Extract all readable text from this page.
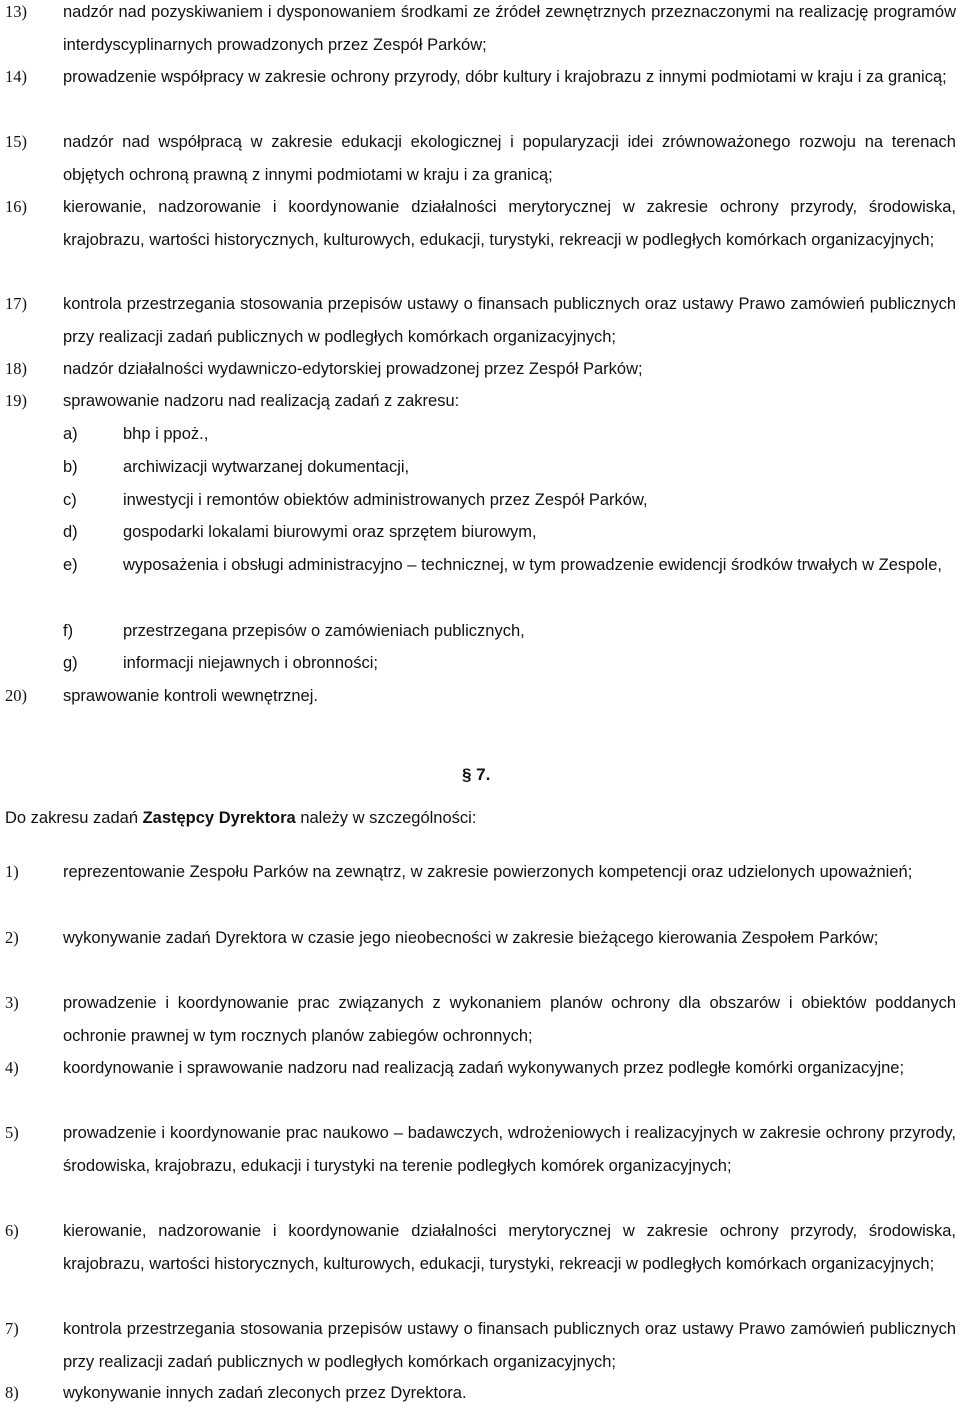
13) nadzór nad pozyskiwaniem i dysponowaniem środkami ze źródeł zewnętrznych przeznaczonymi na realizację programów interdyscyplinarnych prowadzonych przez Zespół Parków;
14) prowadzenie współpracy w zakresie ochrony przyrody, dóbr kultury i krajobrazu z innymi podmiotami w kraju i za granicą;
15) nadzór nad współpracą w zakresie edukacji ekologicznej i popularyzacji idei zrównoważonego rozwoju na terenach objętych ochroną prawną z innymi podmiotami w kraju i za granicą;
16) kierowanie, nadzorowanie i koordynowanie działalności merytorycznej w zakresie ochrony przyrody, środowiska, krajobrazu, wartości historycznych, kulturowych, edukacji, turystyki, rekreacji w podległych komórkach organizacyjnych;
17) kontrola przestrzegania stosowania przepisów ustawy o finansach publicznych oraz ustawy Prawo zamówień publicznych przy realizacji zadań publicznych w podległych komórkach organizacyjnych;
18) nadzór działalności wydawniczo-edytorskiej prowadzonej przez Zespół Parków;
19) sprawowanie nadzoru nad realizacją zadań z zakresu:
a)	bhp i ppoż.,
b)	archiwizacji wytwarzanej dokumentacji,
c)	inwestycji i remontów obiektów administrowanych przez Zespół Parków,
d)	gospodarki lokalami biurowymi oraz sprzętem biurowym,
e)	wyposażenia i obsługi administracyjno – technicznej, w tym prowadzenie ewidencji środków trwałych w Zespole,
f)	przestrzegana przepisów o zamówieniach publicznych,
g)	informacji niejawnych i obronności;
20) sprawowanie kontroli wewnętrznej.
§ 7.
Do zakresu zadań Zastępcy Dyrektora należy w szczególności:
1)	reprezentowanie Zespołu Parków na zewnątrz, w zakresie powierzonych kompetencji oraz udzielonych upoważnień;
2)	wykonywanie zadań Dyrektora w czasie jego nieobecności w zakresie bieżącego kierowania Zespołem Parków;
3)	prowadzenie i koordynowanie prac związanych z wykonaniem planów ochrony dla obszarów i obiektów poddanych ochronie prawnej w tym rocznych planów zabiegów ochronnych;
4)	koordynowanie i sprawowanie nadzoru nad realizacją zadań wykonywanych przez podległe komórki organizacyjne;
5)	prowadzenie i koordynowanie prac naukowo – badawczych, wdrożeniowych i realizacyjnych w zakresie ochrony przyrody, środowiska, krajobrazu, edukacji i turystyki na terenie podległych komórek organizacyjnych;
6)	kierowanie, nadzorowanie i koordynowanie działalności merytorycznej w zakresie ochrony przyrody, środowiska, krajobrazu, wartości historycznych, kulturowych, edukacji, turystyki, rekreacji w podległych komórkach organizacyjnych;
7)	kontrola przestrzegania stosowania przepisów ustawy o finansach publicznych oraz ustawy Prawo zamówień publicznych przy realizacji zadań publicznych w podległych komórkach organizacyjnych;
8)	wykonywanie innych zadań zleconych przez Dyrektora.
